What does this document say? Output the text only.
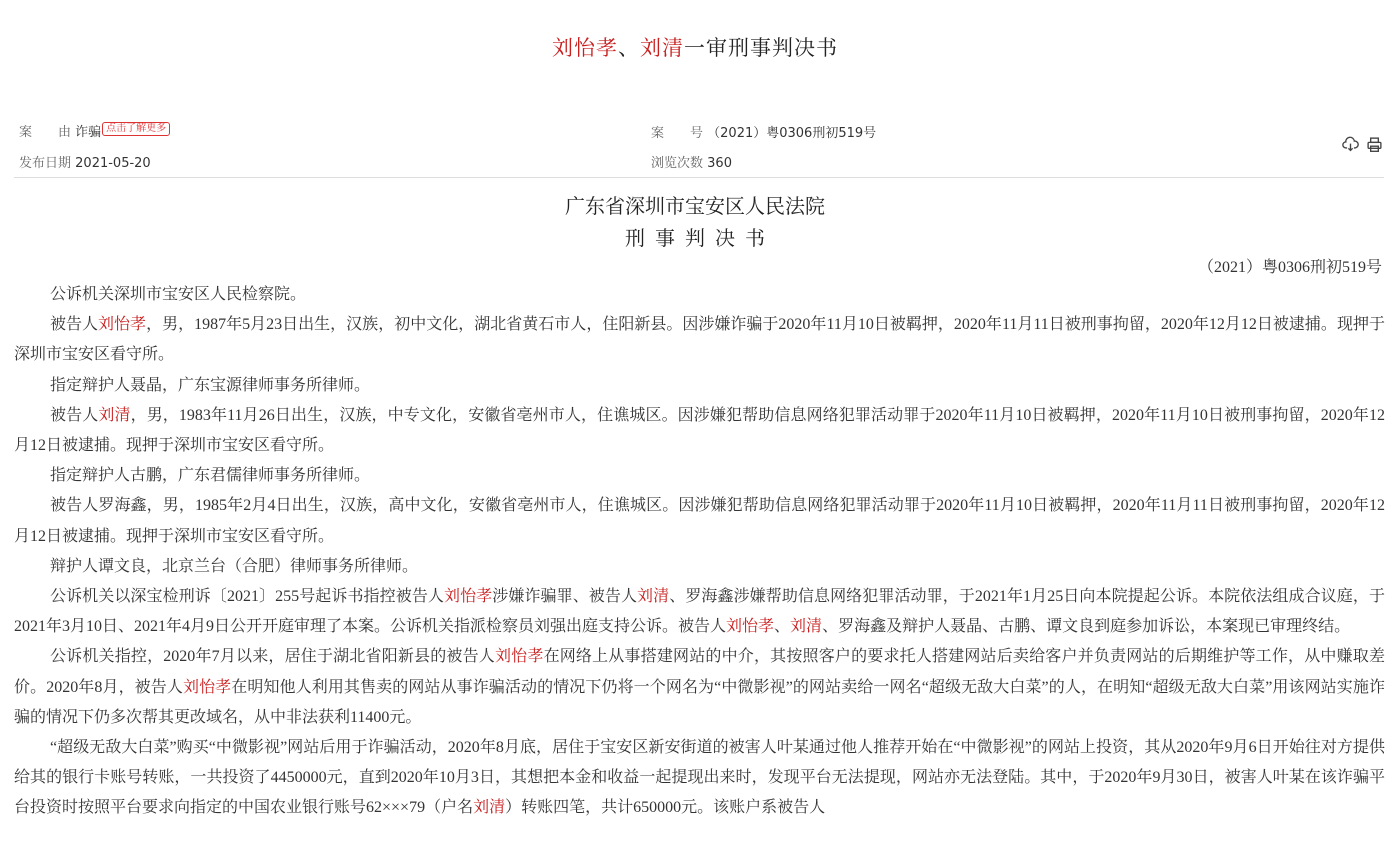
刘怡孝、刘清一审刑事判决书
案　　由 诈骗 点击了解更多	案　　号 （2021）粤0306刑初519号
发布日期 2021-05-20	浏览次数 360

广东省深圳市宝安区人民法院
刑事判决书
（2021）粤0306刑初519号

公诉机关深圳市宝安区人民检察院。

被告人刘怡孝，男，1987年5月23日出生，汉族，初中文化，湖北省黄石市人，住阳新县。因涉嫌诈骗于2020年11月10日被羁押，2020年11月11日被刑事拘留，2020年12月12日被逮捕。现押于深圳市宝安区看守所。

指定辩护人聂晶，广东宝源律师事务所律师。

被告人刘清，男，1983年11月26日出生，汉族，中专文化，安徽省亳州市人，住谯城区。因涉嫌犯帮助信息网络犯罪活动罪于2020年11月10日被羁押，2020年11月10日被刑事拘留，2020年12月12日被逮捕。现押于深圳市宝安区看守所。

指定辩护人古鹏，广东君儒律师事务所律师。

被告人罗海鑫，男，1985年2月4日出生，汉族，高中文化，安徽省亳州市人，住谯城区。因涉嫌犯帮助信息网络犯罪活动罪于2020年11月10日被羁押，2020年11月11日被刑事拘留，2020年12月12日被逮捕。现押于深圳市宝安区看守所。

辩护人谭文良，北京兰台（合肥）律师事务所律师。

公诉机关以深宝检刑诉〔2021〕255号起诉书指控被告人刘怡孝涉嫌诈骗罪、被告人刘清、罗海鑫涉嫌帮助信息网络犯罪活动罪，于2021年1月25日向本院提起公诉。本院依法组成合议庭，于2021年3月10日、2021年4月9日公开开庭审理了本案。公诉机关指派检察员刘强出庭支持公诉。被告人刘怡孝、刘清、罗海鑫及辩护人聂晶、古鹏、谭文良到庭参加诉讼，本案现已审理终结。

公诉机关指控，2020年7月以来，居住于湖北省阳新县的被告人刘怡孝在网络上从事搭建网站的中介，其按照客户的要求托人搭建网站后卖给客户并负责网站的后期维护等工作，从中赚取差价。2020年8月，被告人刘怡孝在明知他人利用其售卖的网站从事诈骗活动的情况下仍将一个网名为“中微影视”的网站卖给一网名“超级无敌大白菜”的人，在明知“超级无敌大白菜”用该网站实施诈骗的情况下仍多次帮其更改域名，从中非法获利11400元。

“超级无敌大白菜”购买“中微影视”网站后用于诈骗活动，2020年8月底，居住于宝安区新安街道的被害人叶某通过他人推荐开始在“中微影视”的网站上投资，其从2020年9月6日开始往对方提供给其的银行卡账号转账，一共投资了4450000元，直到2020年10月3日，其想把本金和收益一起提现出来时，发现平台无法提现，网站亦无法登陆。其中，于2020年9月30日，被害人叶某在该诈骗平台投资时按照平台要求向指定的中国农业银行账号62×××79（户名刘清）转账四笔，共计650000元。该账户系被告人
